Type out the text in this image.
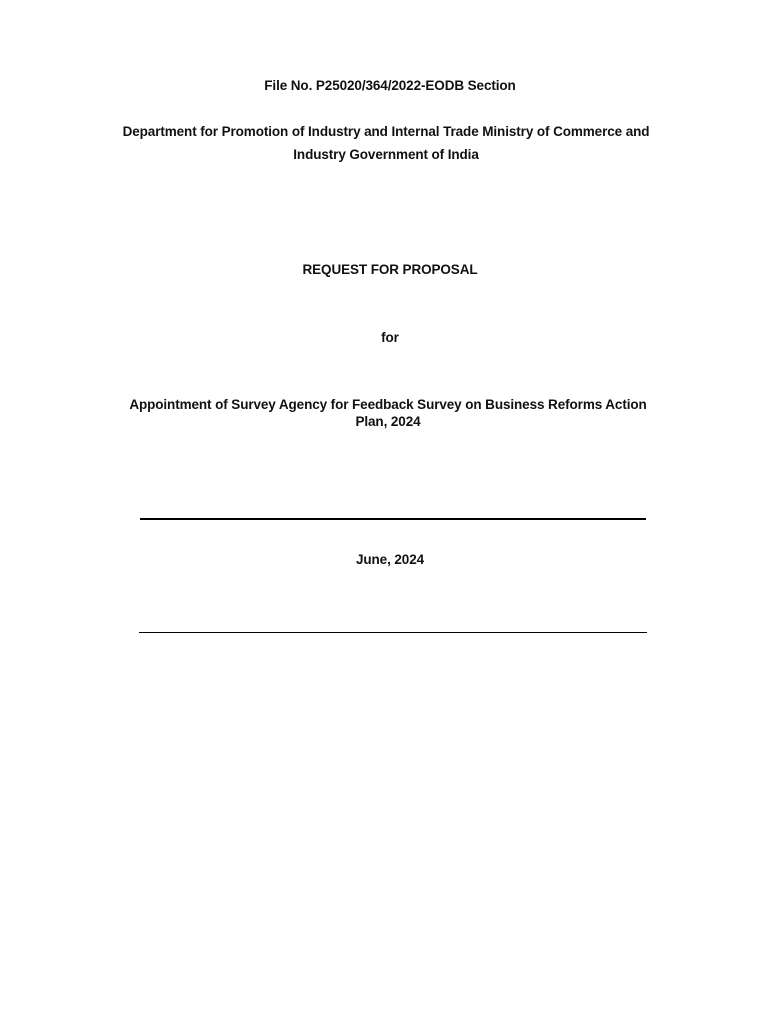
File No. P25020/364/2022-EODB Section
Department for Promotion of Industry and Internal Trade Ministry of Commerce and Industry Government of India
REQUEST FOR PROPOSAL
for
Appointment of Survey Agency for Feedback Survey on Business Reforms Action Plan, 2024
June, 2024
